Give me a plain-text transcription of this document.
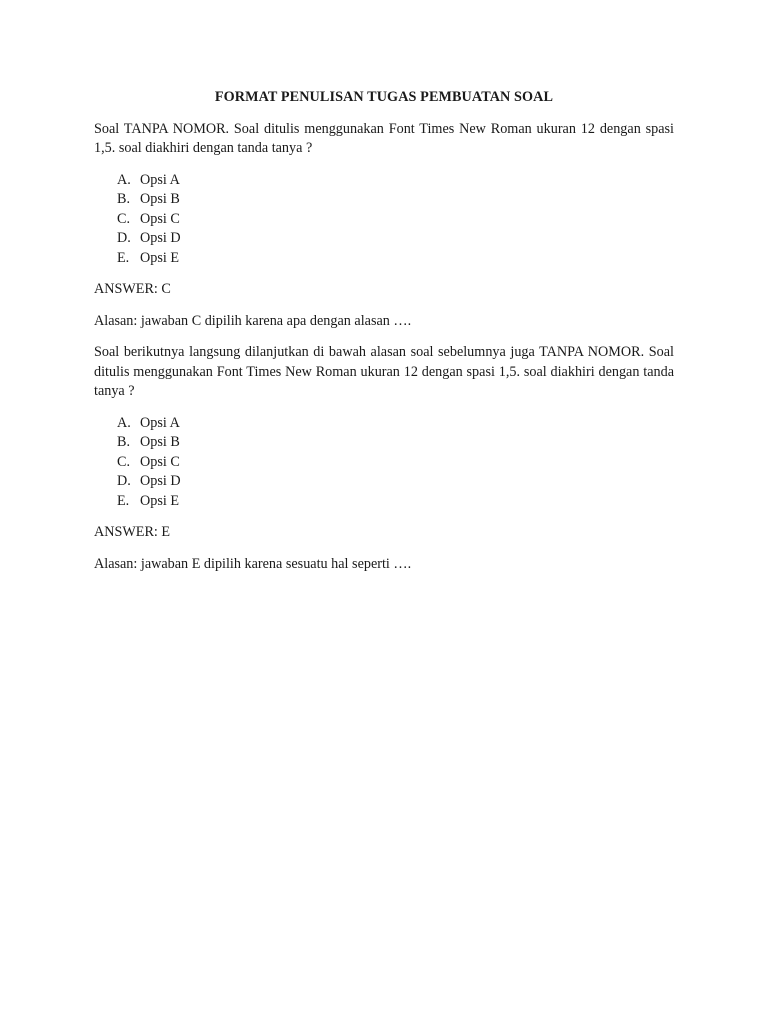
FORMAT PENULISAN TUGAS PEMBUATAN SOAL

Soal TANPA NOMOR. Soal ditulis menggunakan Font Times New Roman ukuran 12 dengan spasi 1,5. soal diakhiri dengan tanda tanya ?

A. Opsi A
B. Opsi B
C. Opsi C
D. Opsi D
E. Opsi E

ANSWER: C

Alasan: jawaban C dipilih karena apa dengan alasan ….

Soal berikutnya langsung dilanjutkan di bawah alasan soal sebelumnya juga TANPA NOMOR. Soal ditulis menggunakan Font Times New Roman ukuran 12 dengan spasi 1,5. soal diakhiri dengan tanda tanya ?

A. Opsi A
B. Opsi B
C. Opsi C
D. Opsi D
E. Opsi E

ANSWER: E

Alasan: jawaban E dipilih karena sesuatu hal seperti ….
